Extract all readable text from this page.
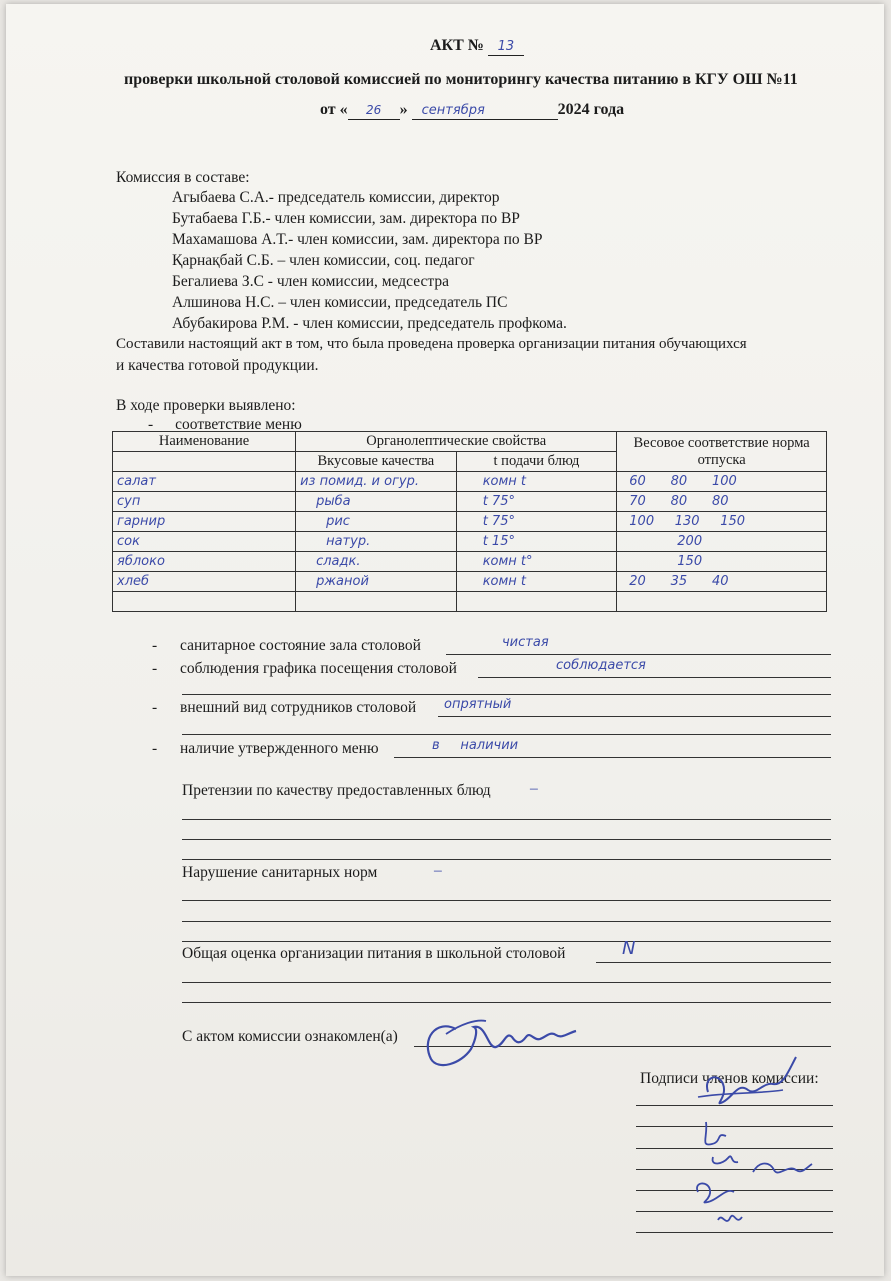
АКТ № 13
проверки школьной столовой комиссией по мониторингу качества питанию в КГУ ОШ №11
от « 26 » сентября	2024 года
Комиссия в составе:
Агыбаева С.А.- председатель комиссии, директор
Бутабаева Г.Б.- член комиссии, зам. директора по ВР
Махамашова А.Т.- член комиссии, зам. директора по ВР
Қарнақбай С.Б. – член комиссии, соц. педагог
Бегалиева З.С - член комиссии, медсестра
Алшинова Н.С. – член комиссии, председатель ПС
Абубакирова Р.М. - член комиссии, председатель профкома.
Составили настоящий акт в том, что была проведена проверка организации питания обучающихся
и качества готовой продукции.
В ходе проверки выявлено:
- соответствие меню
Наименование	Органолептические свойства		Весовое соответствие норма отпуска
	Вкусовые качества	t подачи блюд	
салат	из помид. и огур.	комн t	60      80      100
суп	рыба	t 75°	70      80      80
гарнир	рис	t 75°	100     130     150
сок	натур.	t 15°	200
яблоко	сладк.	комн t°	150
хлеб	ржаной	комн t	20      35      40

- санитарное состояние зала столовой	чистая
- соблюдения графика посещения столовой	соблюдается
- внешний вид сотрудников столовой опрятный
- наличие утвержденного меню	в     наличии
Претензии по качеству предоставленных блюд	–
Нарушение санитарных норм	–
Общая оценка организации питания в школьной столовой	N
С актом комиссии ознакомлен(а)
Подписи членов комиссии:
